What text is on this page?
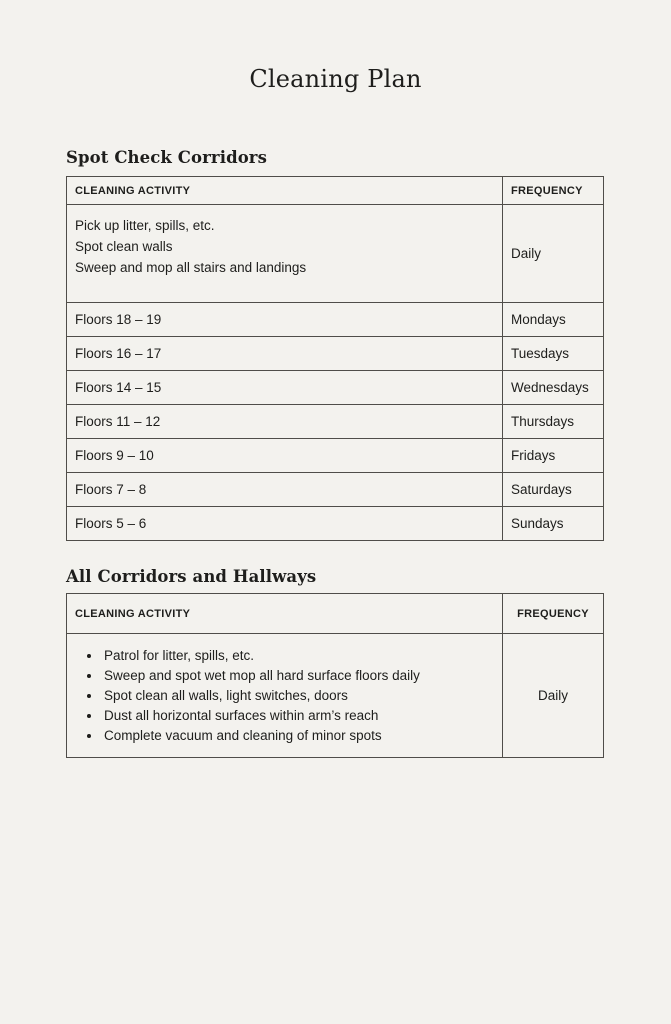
Cleaning Plan
Spot Check Corridors
CLEANING ACTIVITY	FREQUENCY

Pick up litter, spills, etc.
Spot clean walls
Sweep and mop all stairs and landings	Daily
Floors 18 – 19	Mondays
Floors 16 – 17	Tuesdays
Floors 14 – 15	Wednesdays
Floors 11 – 12	Thursdays
Floors 9 – 10	Fridays
Floors 7 – 8	Saturdays
Floors 5 – 6	Sundays
All Corridors and Hallways
CLEANING ACTIVITY	FREQUENCY

• Patrol for litter, spills, etc.
• Sweep and spot wet mop all hard surface floors daily
• Spot clean all walls, light switches, doors
• Dust all horizontal surfaces within arm’s reach
• Complete vacuum and cleaning of minor spots
	Daily
